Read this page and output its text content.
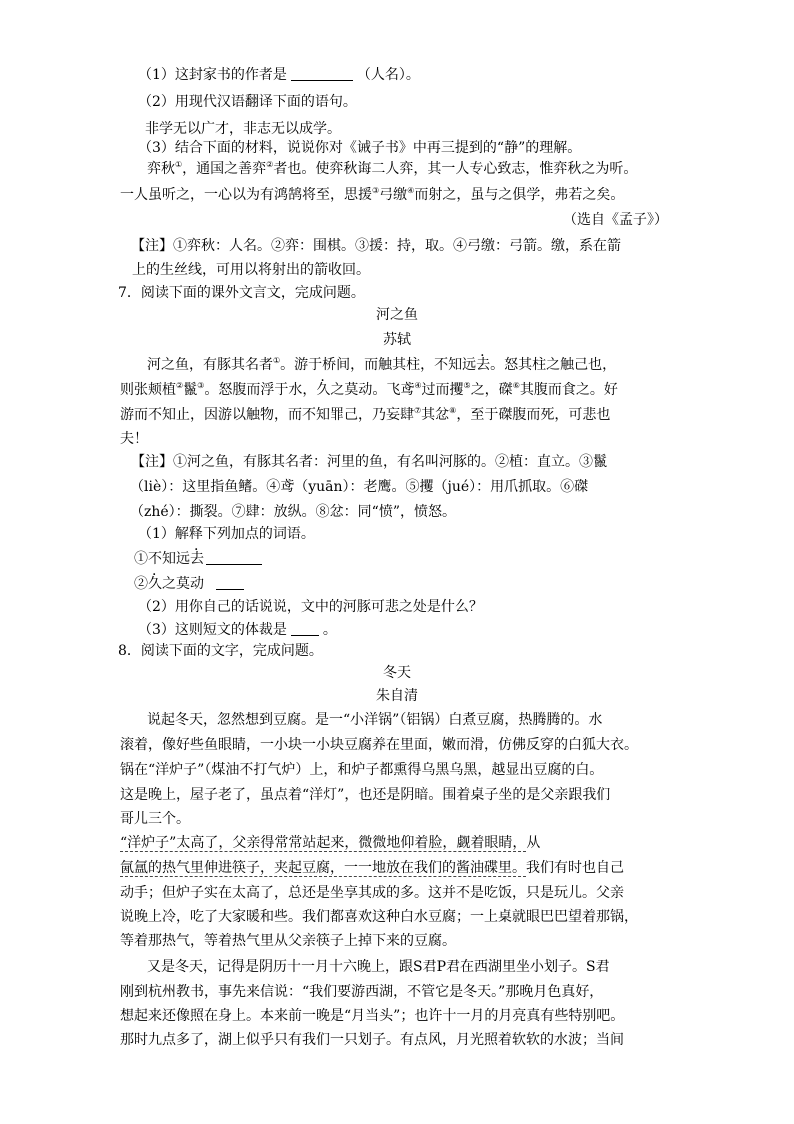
（1）这封家书的作者是	（人名）。
（2）用现代汉语翻译下面的语句。
非学无以广才，非志无以成学。
（3）结合下面的材料，说说你对《诫子书》中再三提到的“静”的理解。
弈秋①，通国之善弈②者也。使弈秋诲二人弈，其一人专心致志，惟弈秋之为听。
一人虽听之，一心以为有鸿鹄将至，思援③弓缴④而射之，虽与之俱学，弗若之矣。
（选自《孟子》）
【注】①弈秋：人名。②弈：围棋。③援：持，取。④弓缴：弓箭。缴，系在箭
上的生丝线，可用以将射出的箭收回。
7．阅读下面的课外文言文，完成问题。
河之鱼
苏轼
河之鱼，有豚其名者①。游于桥间，而触其柱，不知远去。怒其柱之触己也，
则张颊植②鬣③。怒腹而浮于水，久之莫动。飞鸢④过而攫⑤之，磔⑥其腹而食之。好
游而不知止，因游以触物，而不知罪己，乃妄肆⑦其忿⑧，至于磔腹而死，可悲也
夫！
【注】①河之鱼，有豚其名者：河里的鱼，有名叫河豚的。②植：直立。③鬣
（liè）：这里指鱼鳍。④鸢（yuān）：老鹰。⑤攫（jué）：用爪抓取。⑥磔
（zhé）：撕裂。⑦肆：放纵。⑧忿：同“愤”，愤怒。
（1）解释下列加点的词语。
①不知远去
②久之莫动
（2）用你自己的话说说，文中的河豚可悲之处是什么？
（3）这则短文的体裁是	。
8．阅读下面的文字，完成问题。
冬天
朱自清
说起冬天，忽然想到豆腐。是一“小洋锅”（铝锅）白煮豆腐，热腾腾的。水
滚着，像好些鱼眼睛，一小块一小块豆腐养在里面，嫩而滑，仿佛反穿的白狐大衣。
锅在“洋炉子”（煤油不打气炉）上，和炉子都熏得乌黑乌黑，越显出豆腐的白。
这是晚上，屋子老了，虽点着“洋灯”，也还是阴暗。围着桌子坐的是父亲跟我们
哥儿三个。
“洋炉子”太高了，父亲得常常站起来，微微地仰着脸，觑着眼睛，从
氤氲的热气里伸进筷子，夹起豆腐，一一地放在我们的酱油碟里。我们有时也自己
动手；但炉子实在太高了，总还是坐享其成的多。这并不是吃饭，只是玩儿。父亲
说晚上冷，吃了大家暖和些。我们都喜欢这种白水豆腐；一上桌就眼巴巴望着那锅，
等着那热气，等着热气里从父亲筷子上掉下来的豆腐。
又是冬天，记得是阴历十一月十六晚上，跟S君P君在西湖里坐小划子。S君
刚到杭州教书，事先来信说：“我们要游西湖，不管它是冬天。”那晚月色真好，
想起来还像照在身上。本来前一晚是“月当头”；也许十一月的月亮真有些特别吧。
那时九点多了，湖上似乎只有我们一只划子。有点风，月光照着软软的水波；当间
